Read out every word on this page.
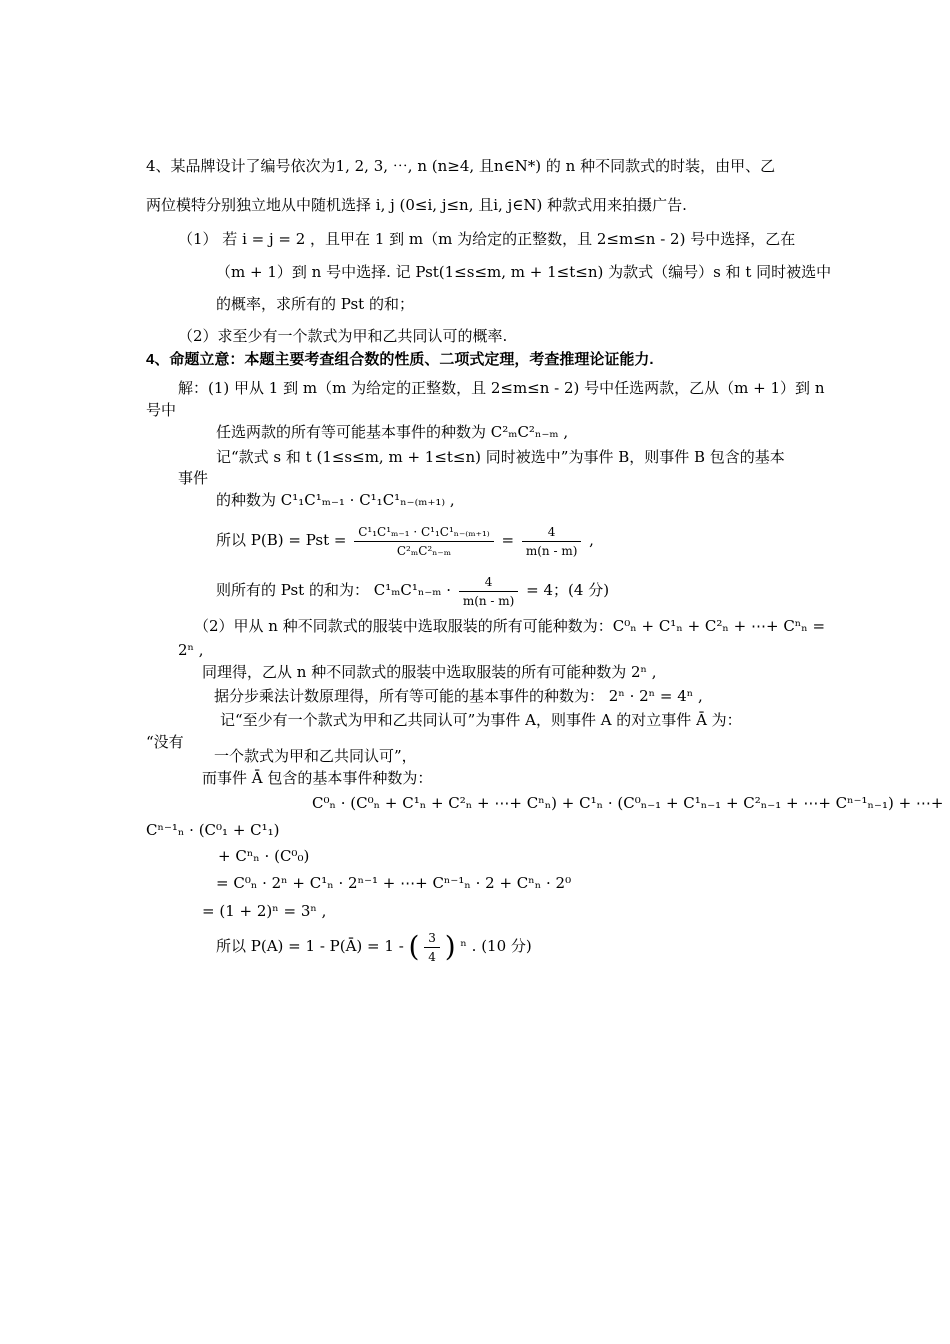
4、某品牌设计了编号依次为1, 2, 3, ⋯, n (n≥4, 且n∈N*) 的 n 种不同款式的时装，由甲、乙
两位模特分别独立地从中随机选择 i, j (0≤i, j≤n, 且i, j∈N) 种款式用来拍摄广告.
（1） 若 i = j = 2 ，且甲在 1 到 m（m 为给定的正整数，且 2≤m≤n - 2) 号中选择，乙在
（m + 1）到 n 号中选择. 记 Pst(1≤s≤m, m + 1≤t≤n) 为款式（编号）s 和 t 同时被选中
的概率，求所有的 Pst 的和；
（2）求至少有一个款式为甲和乙共同认可的概率.
4、命题立意：本题主要考查组合数的性质、二项式定理，考查推理论证能力.
解：(1) 甲从 1 到 m（m 为给定的正整数，且 2≤m≤n - 2) 号中任选两款，乙从（m + 1）到 n
号中
任选两款的所有等可能基本事件的种数为 C²ₘC²ₙ₋ₘ ,
记“款式 s 和 t (1≤s≤m, m + 1≤t≤n) 同时被选中”为事件 B，则事件 B 包含的基本
事件
的种数为 C¹₁C¹ₘ₋₁ · C¹₁C¹ₙ₋₍ₘ₊₁₎ ,
所以 P(B) = Pst = $\frac{\text{C¹₁C¹ₘ₋₁ · C¹₁C¹ₙ₋₍ₘ₊₁₎}}{\text{C²ₘC²ₙ₋ₘ}} = \frac{4}{m(n - m)}$ ,
则所有的 Pst 的和为： $C^1_mC^1_{n-m} \cdot \frac{4}{m(n - m)} = 4$；(4 分)
（2）甲从 n 种不同款式的服装中选取服装的所有可能种数为：C⁰ₙ + C¹ₙ + C²ₙ + ⋯+ Cⁿₙ =
2ⁿ ,
同理得，乙从 n 种不同款式的服装中选取服装的所有可能种数为 2ⁿ ,
据分步乘法计数原理得，所有等可能的基本事件的种数为： 2ⁿ · 2ⁿ = 4ⁿ ,
记“至少有一个款式为甲和乙共同认可”为事件 A，则事件 A 的对立事件 Ā 为：
“没有
一个款式为甲和乙共同认可”，
而事件 Ā 包含的基本事件种数为：
C⁰ₙ · (C⁰ₙ + C¹ₙ + C²ₙ + ⋯+ Cⁿₙ) + C¹ₙ · (C⁰ₙ₋₁ + C¹ₙ₋₁ + C²ₙ₋₁ + ⋯+ Cⁿ⁻¹ₙ₋₁) + ⋯+
Cⁿ⁻¹ₙ · (C⁰₁ + C¹₁)
+ Cⁿₙ · (C⁰₀)
= C⁰ₙ · 2ⁿ + C¹ₙ · 2ⁿ⁻¹ + ⋯+ Cⁿ⁻¹ₙ · 2 + Cⁿₙ · 2⁰
= (1 + 2)ⁿ = 3ⁿ ,
所以 P(A) = 1 - P(Ā) = 1 - ( $\frac{3}{4}$ ) ⁿ . (10 分)
